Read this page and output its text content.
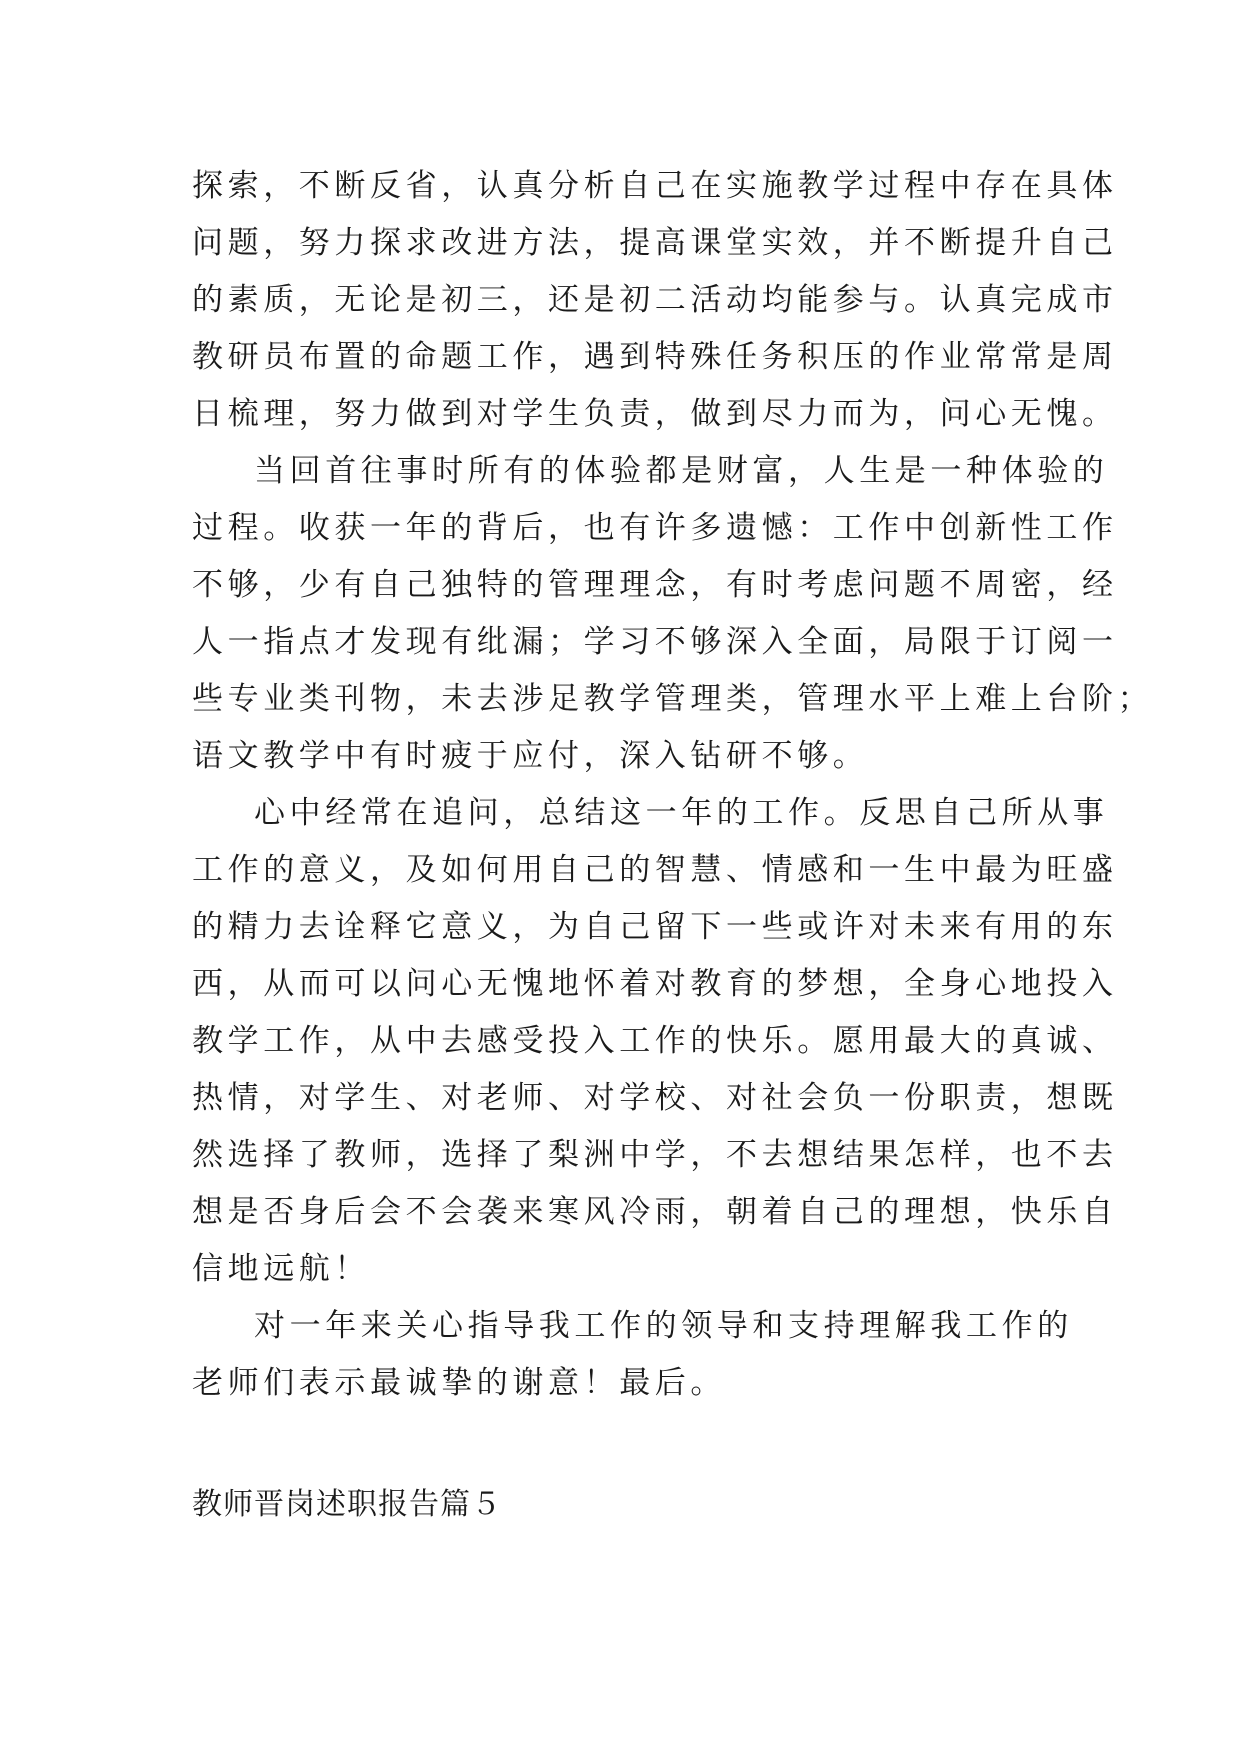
探索，不断反省，认真分析自己在实施教学过程中存在具体
问题，努力探求改进方法，提高课堂实效，并不断提升自己
的素质，无论是初三，还是初二活动均能参与。认真完成市
教研员布置的命题工作，遇到特殊任务积压的作业常常是周
日梳理，努力做到对学生负责，做到尽力而为，问心无愧。
当回首往事时所有的体验都是财富，人生是一种体验的
过程。收获一年的背后，也有许多遗憾：工作中创新性工作
不够，少有自己独特的管理理念，有时考虑问题不周密，经
人一指点才发现有纰漏；学习不够深入全面，局限于订阅一
些专业类刊物，未去涉足教学管理类，管理水平上难上台阶；
语文教学中有时疲于应付，深入钻研不够。
心中经常在追问，总结这一年的工作。反思自己所从事
工作的意义，及如何用自己的智慧、情感和一生中最为旺盛
的精力去诠释它意义，为自己留下一些或许对未来有用的东
西，从而可以问心无愧地怀着对教育的梦想，全身心地投入
教学工作，从中去感受投入工作的快乐。愿用最大的真诚、
热情，对学生、对老师、对学校、对社会负一份职责，想既
然选择了教师，选择了梨洲中学，不去想结果怎样，也不去
想是否身后会不会袭来寒风冷雨，朝着自己的理想，快乐自
信地远航！
对一年来关心指导我工作的领导和支持理解我工作的
老师们表示最诚挚的谢意！最后。
教师晋岗述职报告篇５
